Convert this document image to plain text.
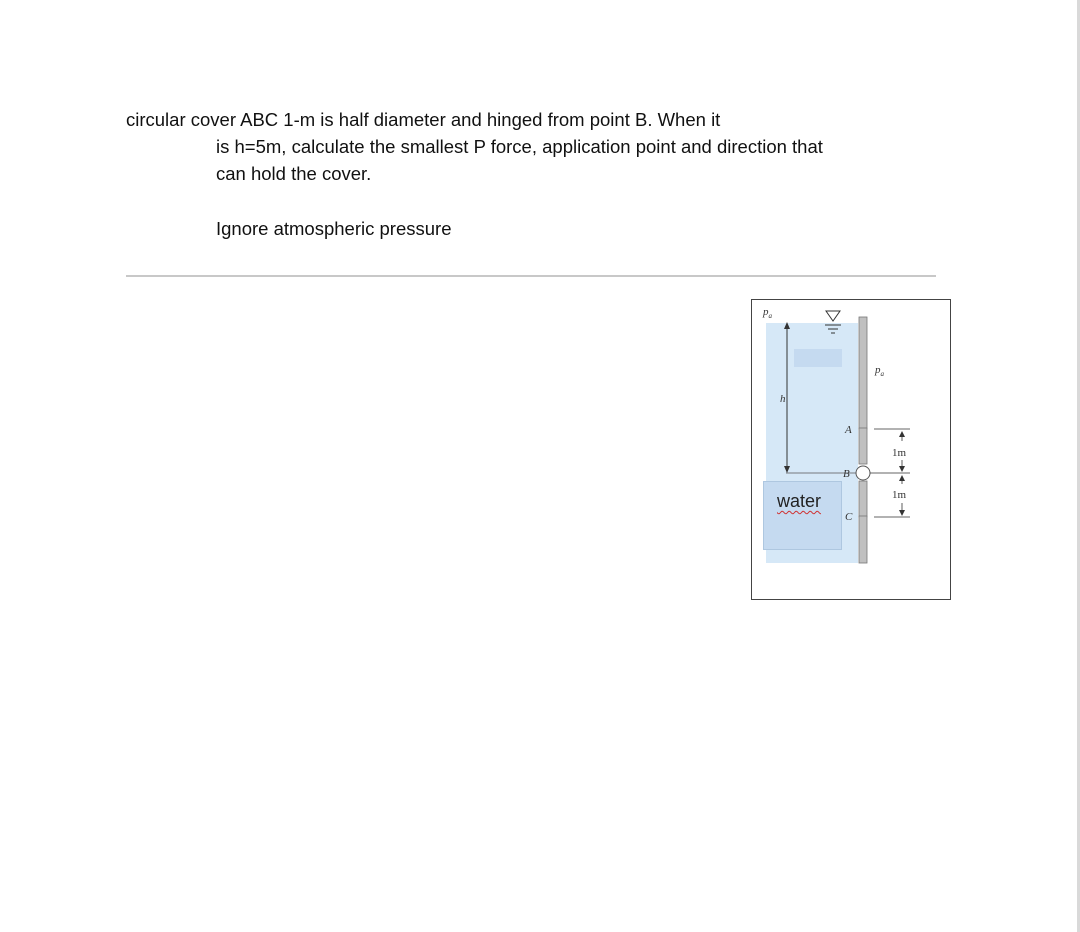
circular cover ABC 1-m is half diameter and hinged from point B. When it
is h=5m, calculate the smallest P force, application point and direction that
can hold the cover.
Ignore atmospheric pressure
$p_a$
$p_a$
h
A
B
C
1m
1m
water
